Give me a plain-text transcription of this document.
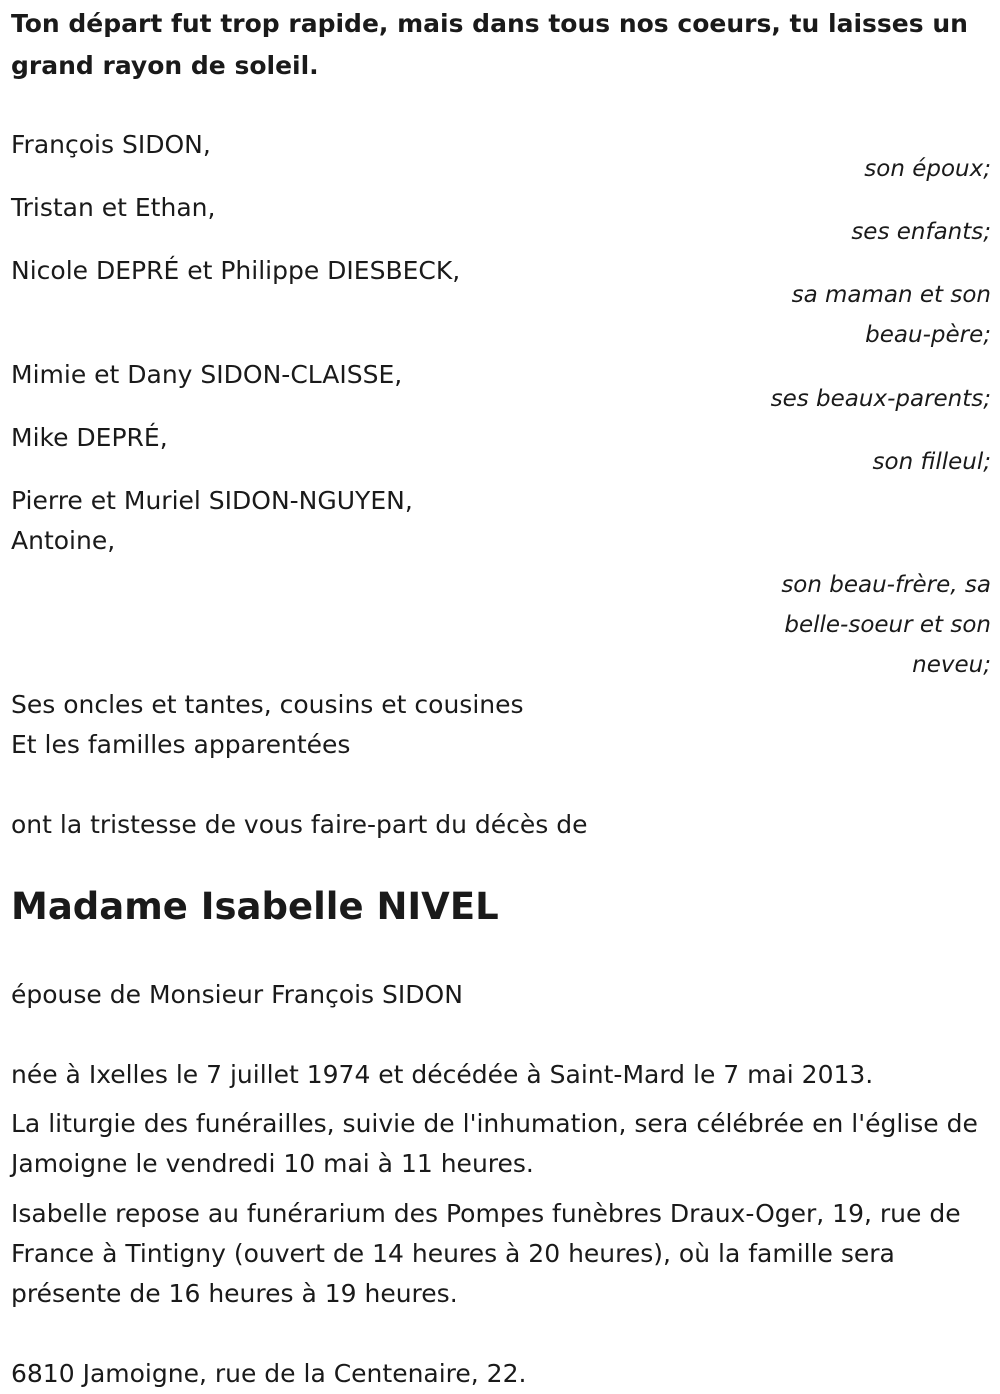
Ton départ fut trop rapide, mais dans tous nos coeurs, tu laisses un grand rayon de soleil.

François SIDON,
son époux;
Tristan et Ethan,
ses enfants;
Nicole DEPRÉ et Philippe DIESBECK,
sa maman et son beau-père;
Mimie et Dany SIDON-CLAISSE,
ses beaux-parents;
Mike DEPRÉ,
son filleul;
Pierre et Muriel SIDON-NGUYEN,
Antoine,
son beau-frère, sa belle-soeur et son neveu;
Ses oncles et tantes, cousins et cousines
Et les familles apparentées

ont la tristesse de vous faire-part du décès de

Madame Isabelle NIVEL

épouse de Monsieur François SIDON

née à Ixelles le 7 juillet 1974 et décédée à Saint-Mard le 7 mai 2013.

La liturgie des funérailles, suivie de l'inhumation, sera célébrée en l'église de Jamoigne le vendredi 10 mai à 11 heures.

Isabelle repose au funérarium des Pompes funèbres Draux-Oger, 19, rue de France à Tintigny (ouvert de 14 heures à 20 heures), où la famille sera présente de 16 heures à 19 heures.

6810 Jamoigne, rue de la Centenaire, 22.
